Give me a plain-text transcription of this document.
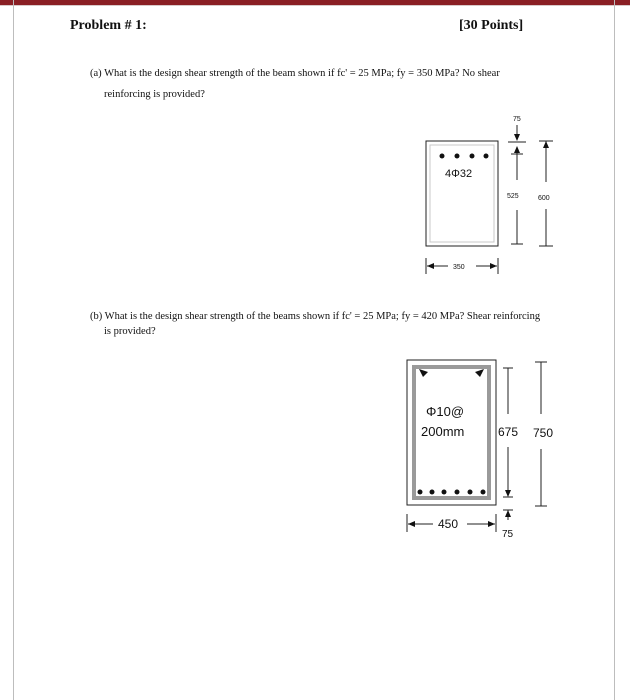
Problem # 1:	[30 Points]
(a) What is the design shear strength of the beam shown if fc' = 25 MPa; fy = 350 MPa? No shear
reinforcing is provided?
4Φ32
75
525	600
350
(b) What is the design shear strength of the beams shown if fc' = 25 MPa; fy = 420 MPa? Shear reinforcing
is provided?
Φ10@
200mm	675 750
450
75
